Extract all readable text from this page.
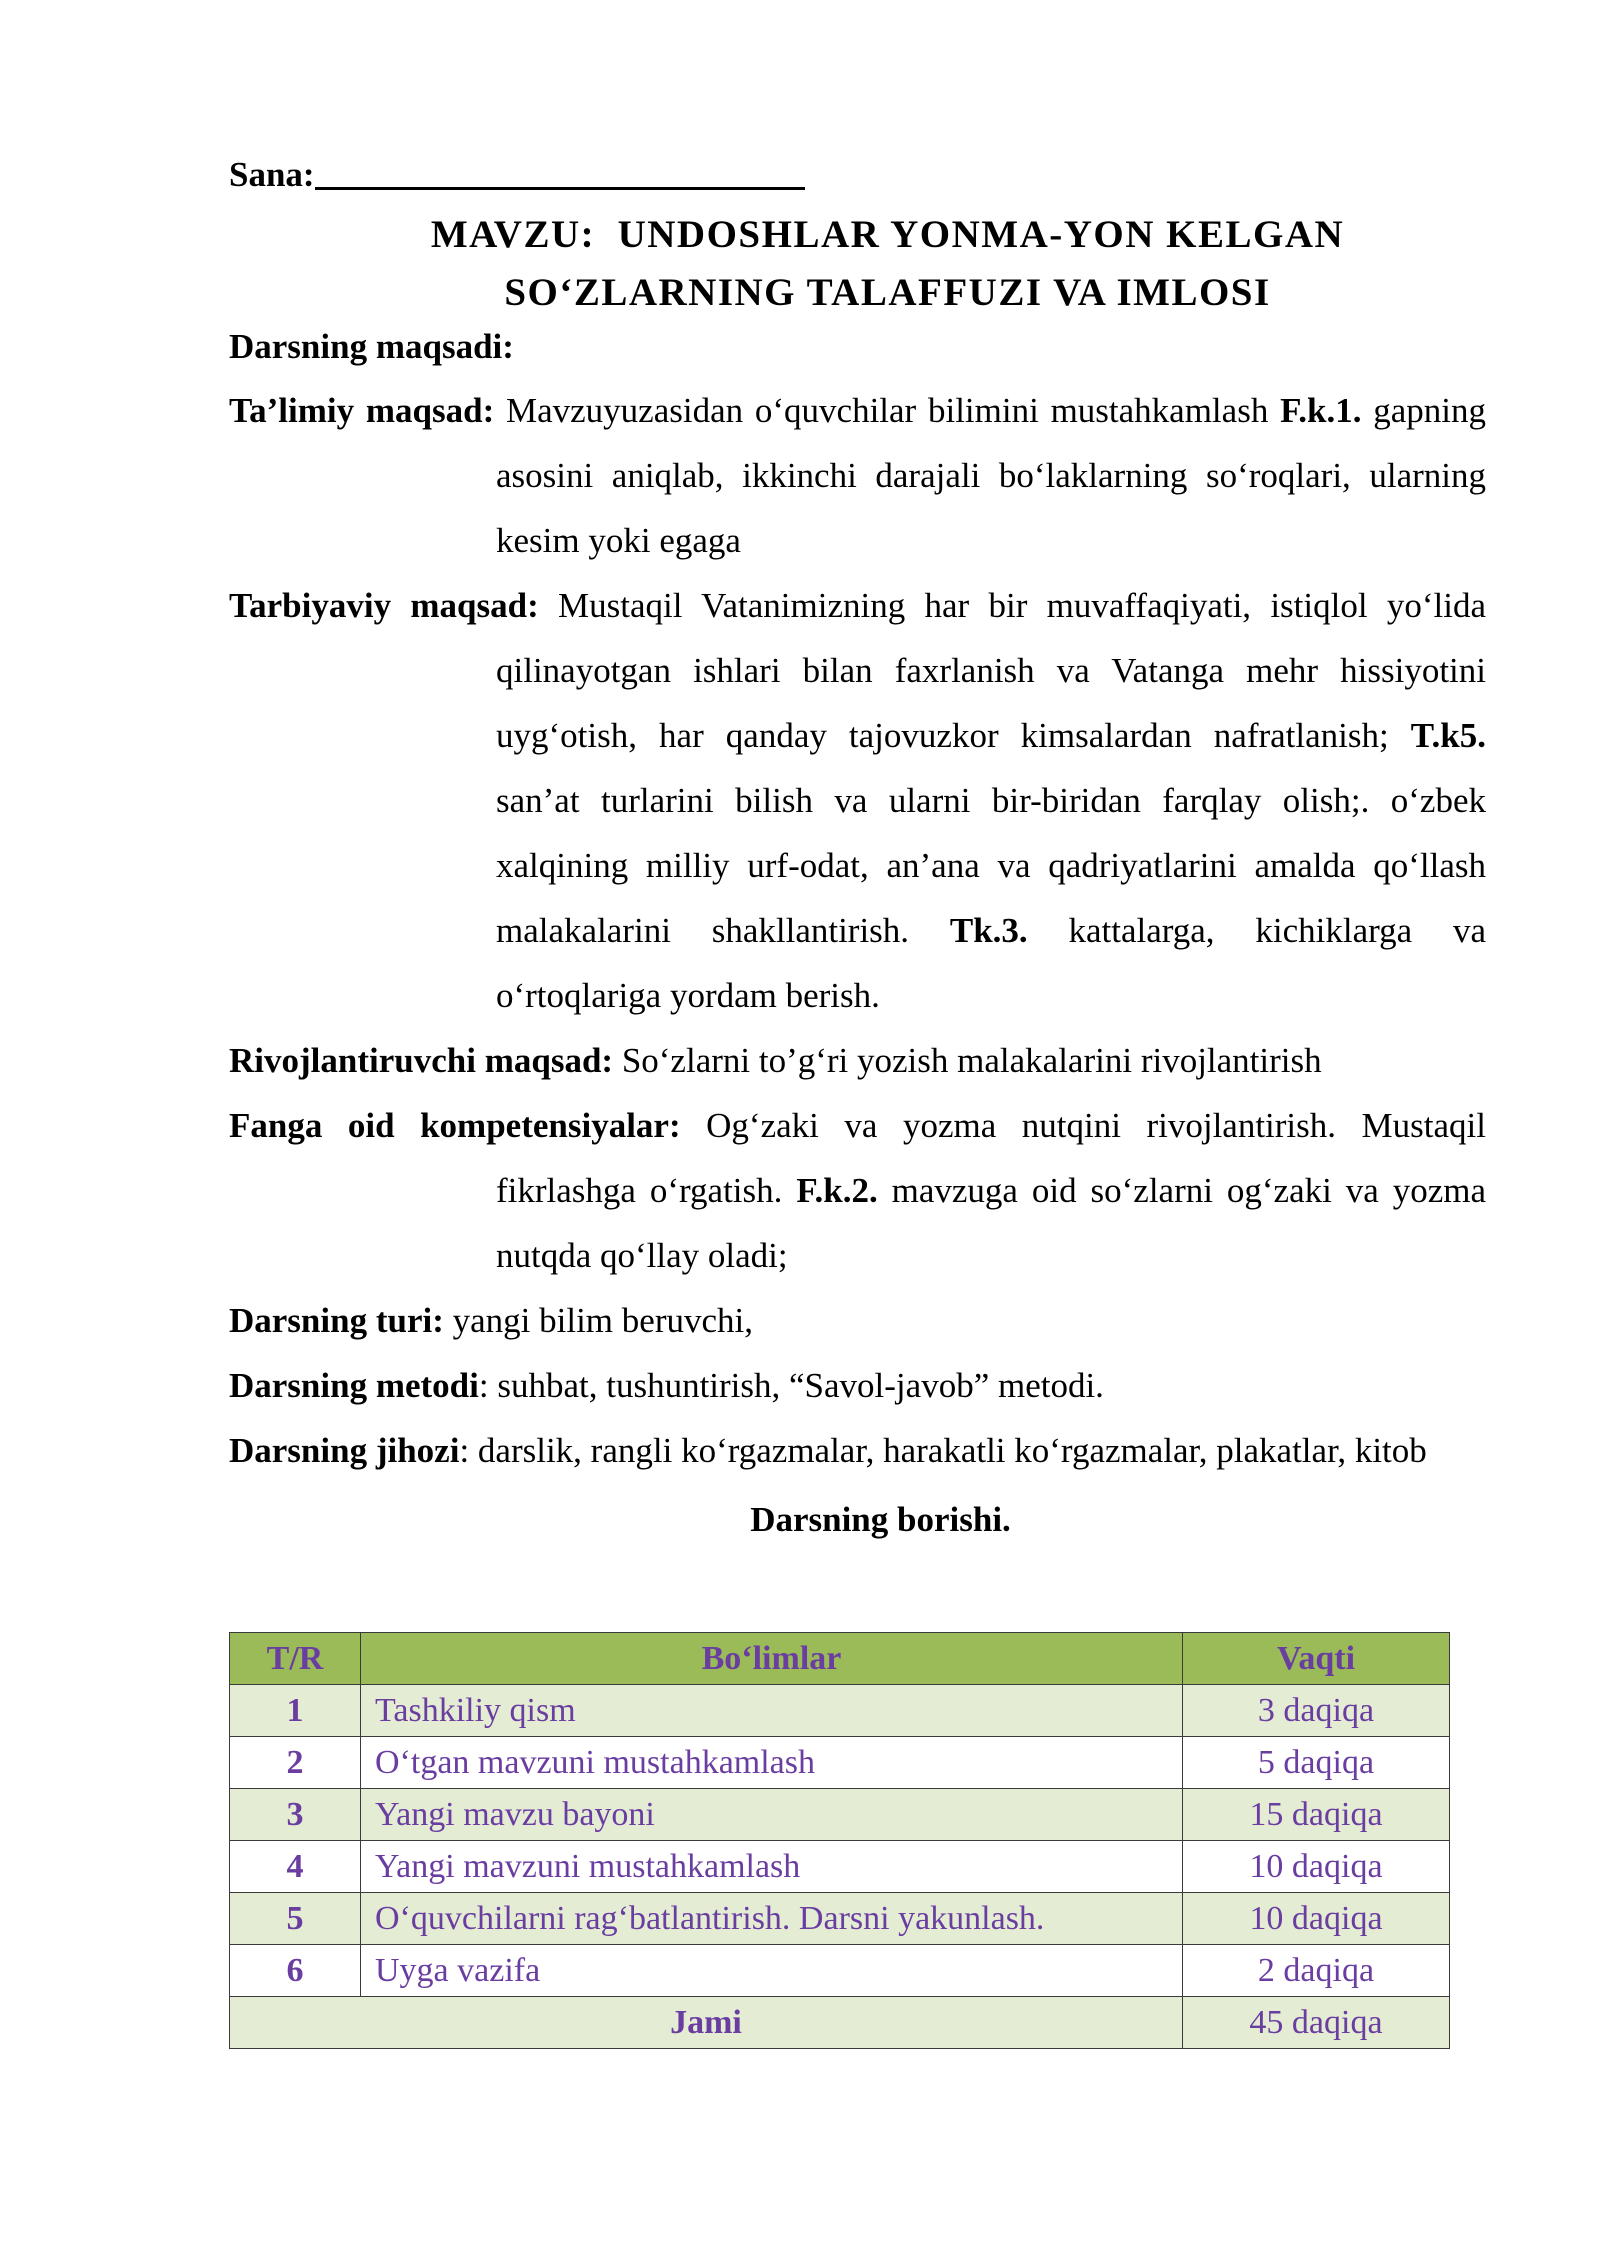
Sana:
MAVZU:  UNDOSHLAR YONMA-YON KELGAN
SO‘ZLARNING TALAFFUZI VA IMLOSI
Darsning maqsadi:
Ta’limiy maqsad: Mavzuyuzasidan o‘quvchilar bilimini mustahkamlash F.k.1. gapning asosini aniqlab, ikkinchi darajali bo‘laklarning so‘roqlari, ularning kesim yoki egaga
Tarbiyaviy maqsad: Mustaqil Vatanimizning har bir muvaffaqiyati, istiqlol yo‘lida qilinayotgan ishlari bilan faxrlanish va Vatanga mehr hissiyotini uyg‘otish, har qanday tajovuzkor kimsalardan nafratlanish; T.k5. san’at turlarini bilish va ularni bir-biridan farqlay olish;. o‘zbek xalqining milliy urf-odat, an’ana va qadriyatlarini amalda qo‘llash malakalarini shakllantirish. Tk.3. kattalarga, kichiklarga va o‘rtoqlariga yordam berish.
Rivojlantiruvchi maqsad: So‘zlarni to’g‘ri yozish malakalarini rivojlantirish
Fanga oid kompetensiyalar: Og‘zaki va yozma nutqini rivojlantirish. Mustaqil fikrlashga o‘rgatish. F.k.2. mavzuga oid so‘zlarni og‘zaki va yozma nutqda qo‘llay oladi;
Darsning turi: yangi bilim beruvchi,
Darsning metodi: suhbat, tushuntirish, “Savol-javob” metodi.
Darsning jihozi: darslik, rangli ko‘rgazmalar, harakatli ko‘rgazmalar, plakatlar, kitob
Darsning borishi.
T/R	Bo‘limlar	Vaqti
1	Tashkiliy qism	3 daqiqa
2	O‘tgan mavzuni mustahkamlash	5 daqiqa
3	Yangi mavzu bayoni	15 daqiqa
4	Yangi mavzuni mustahkamlash	10 daqiqa
5	O‘quvchilarni rag‘batlantirish. Darsni yakunlash.	10 daqiqa
6	Uyga vazifa	2 daqiqa
Jami		45 daqiqa
